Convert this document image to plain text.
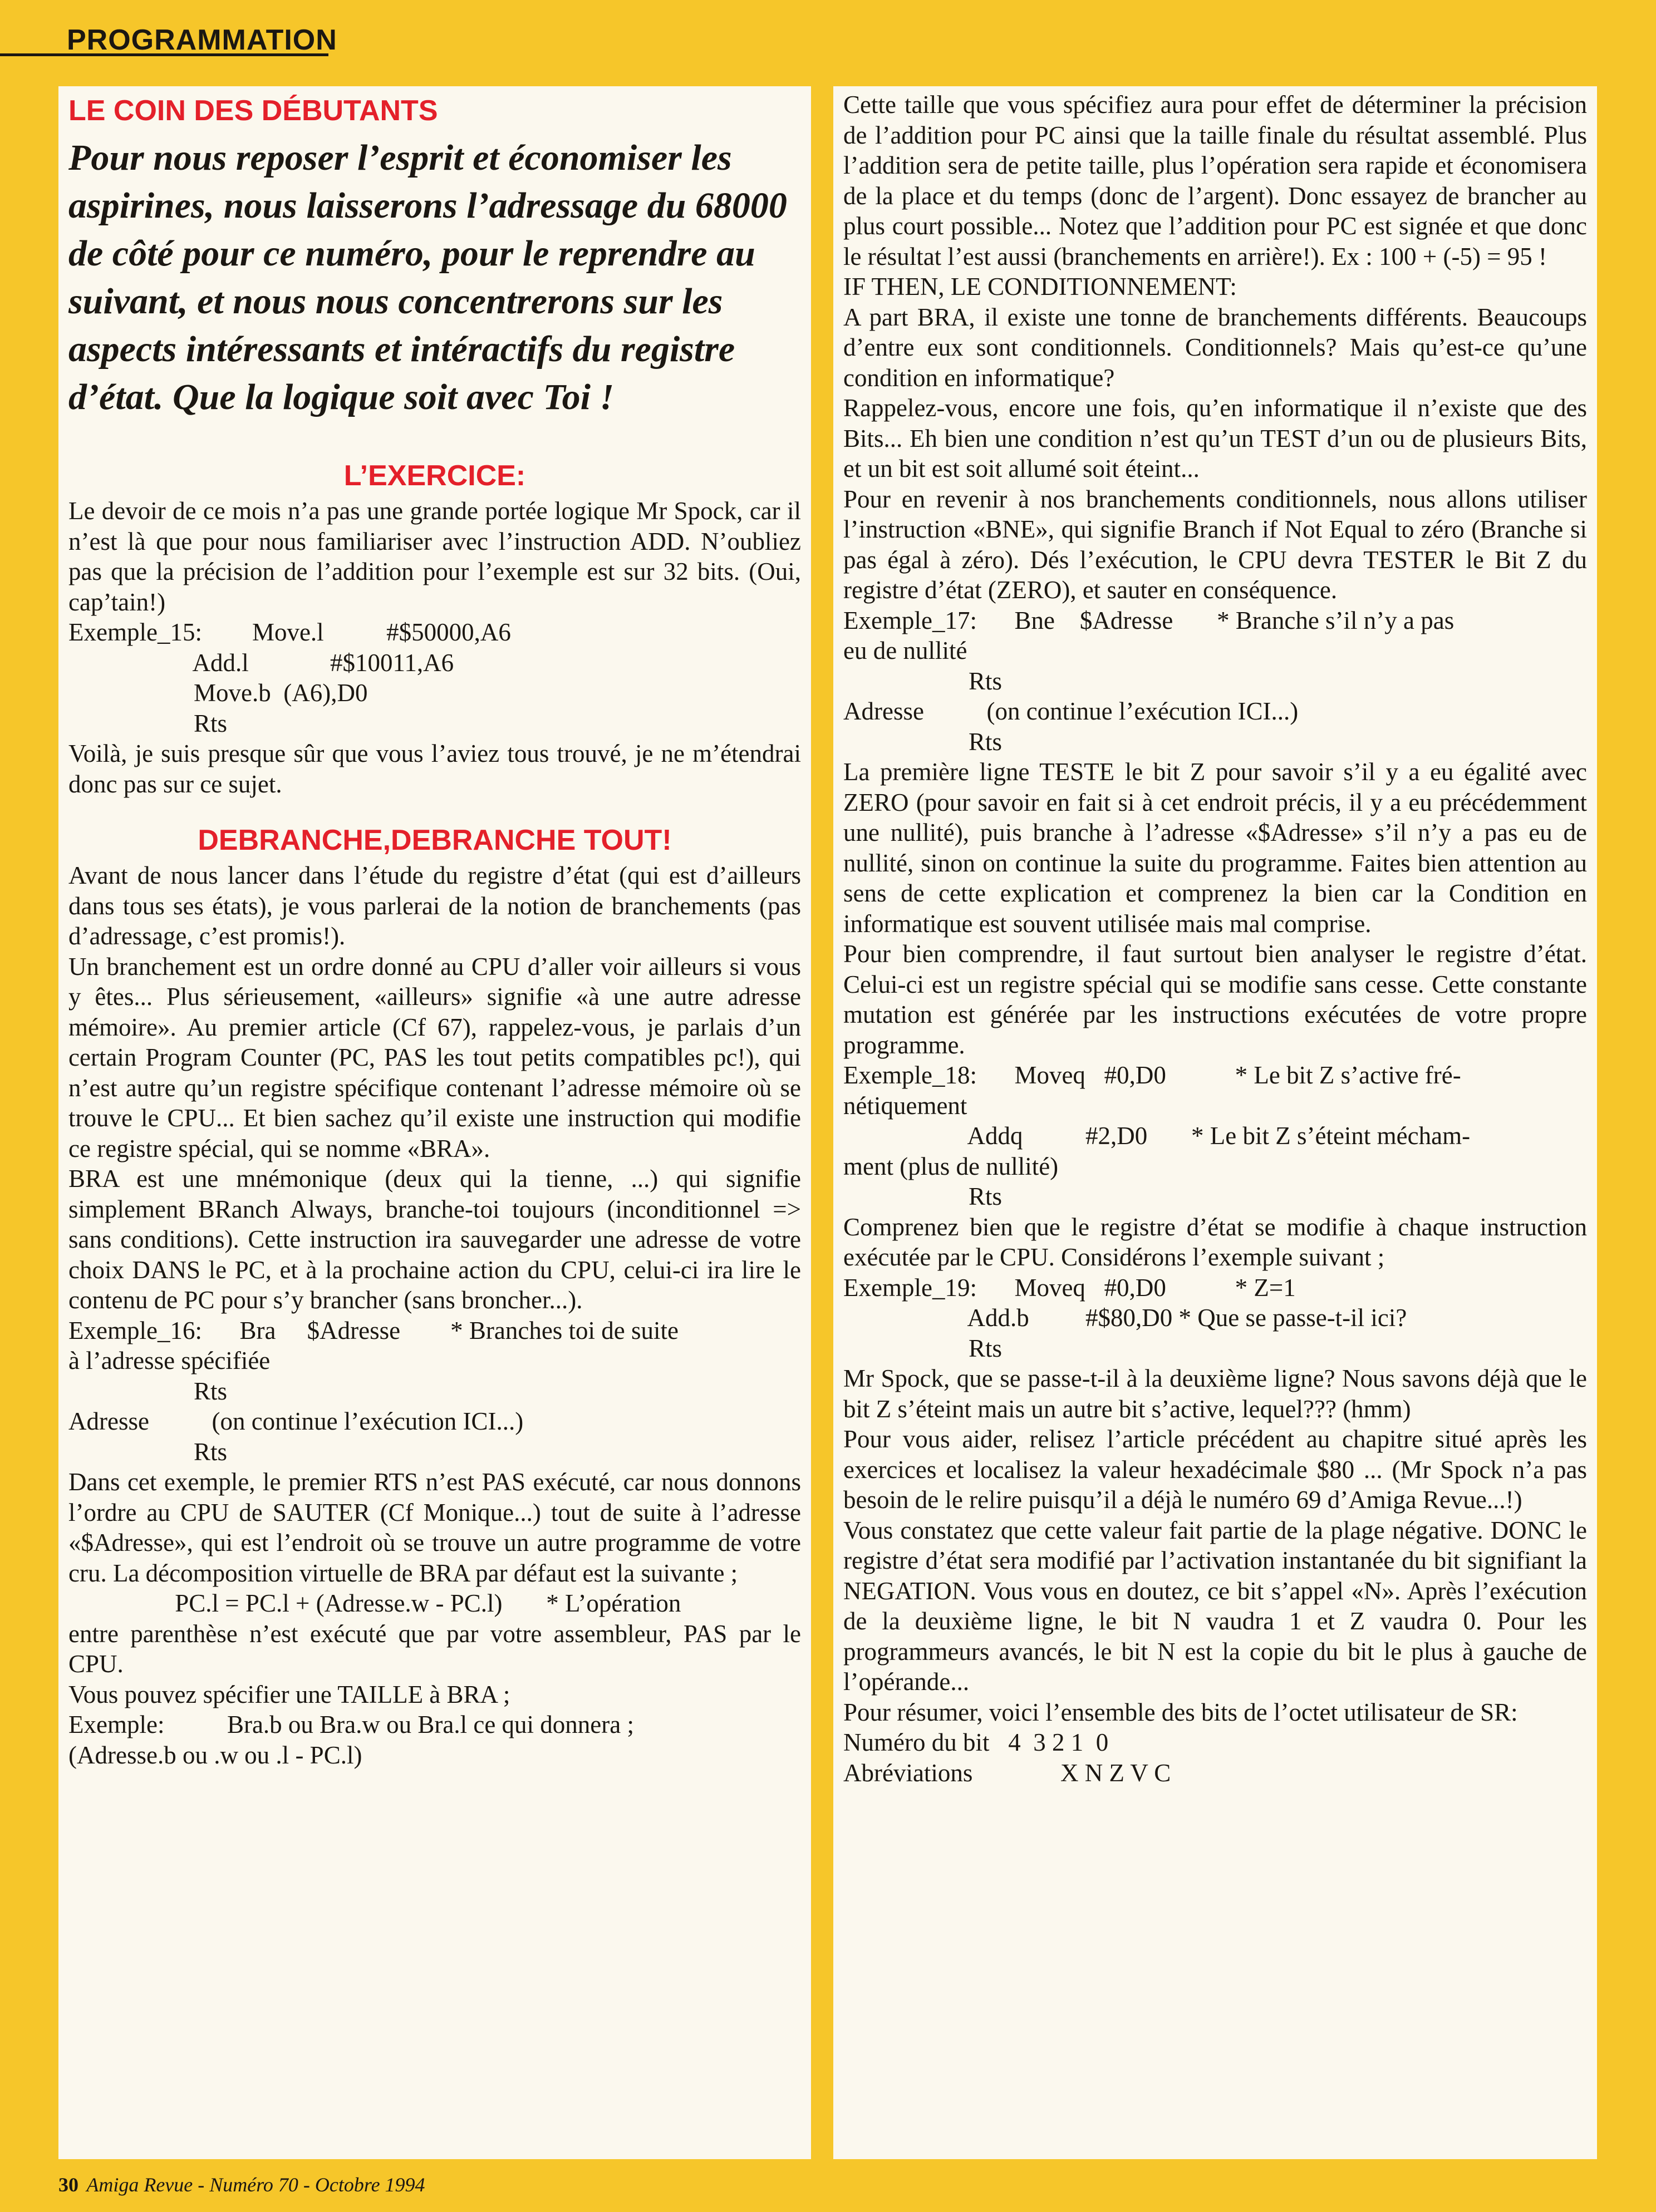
PROGRAMMATION
LE COIN DES DÉBUTANTS

Pour nous reposer l’esprit et économiser les aspirines, nous laisserons l’adressage du 68000 de côté pour ce numéro, pour le reprendre au suivant, et nous nous concentrerons sur les aspects intéressants et intéractifs du registre d’état. Que la logique soit avec Toi !

L’EXERCICE:

Le devoir de ce mois n’a pas une grande portée logique Mr Spock, car il n’est là que pour nous familiariser avec l’instruction ADD. N’oubliez pas que la précision de l’addition pour l’exemple est sur 32 bits. (Oui, cap’tain!)

Exemple_15:        Move.l          #$50000,A6
Add.l             #$10011,A6
Move.b  (A6),D0
Rts

Voilà, je suis presque sûr que vous l’aviez tous trouvé, je ne m’étendrai donc pas sur ce sujet.

DEBRANCHE,DEBRANCHE TOUT!

Avant de nous lancer dans l’étude du registre d’état (qui est d’ailleurs dans tous ses états), je vous parlerai de la notion de branchements (pas d’adressage, c’est promis!).

Un branchement est un ordre donné au CPU d’aller voir ailleurs si vous y êtes... Plus sérieusement, «ailleurs» signifie «à une autre adresse mémoire». Au premier article (Cf 67), rappelez-vous, je parlais d’un certain Program Counter (PC, PAS les tout petits compatibles pc!), qui n’est autre qu’un registre spécifique contenant l’adresse mémoire où se trouve le CPU... Et bien sachez qu’il existe une instruction qui modifie ce registre spécial, qui se nomme «BRA».

BRA est une mnémonique (deux qui la tienne, ...) qui signifie simplement BRanch Always, branche-toi toujours (inconditionnel => sans conditions). Cette instruction ira sauvegarder une adresse de votre choix DANS le PC, et à la prochaine action du CPU, celui-ci ira lire le contenu de PC pour s’y brancher (sans broncher...).

Exemple_16:      Bra     $Adresse        * Branches toi de suite
à l’adresse spécifiée
Rts
Adresse          (on continue l’exécution ICI...)
Rts

Dans cet exemple, le premier RTS n’est PAS exécuté, car nous donnons l’ordre au CPU de SAUTER (Cf Monique...) tout de suite à l’adresse «$Adresse», qui est l’endroit où se trouve un autre programme de votre cru. La décomposition virtuelle de BRA par défaut est la suivante ;

PC.l = PC.l + (Adresse.w - PC.l)       * L’opération

entre parenthèse n’est exécuté que par votre assembleur, PAS par le CPU.

Vous pouvez spécifier une TAILLE à BRA ;

Exemple:          Bra.b ou Bra.w ou Bra.l ce qui donnera ;
(Adresse.b ou .w ou .l - PC.l)

Cette taille que vous spécifiez aura pour effet de déterminer la précision de l’addition pour PC ainsi que la taille finale du résultat assemblé. Plus l’addition sera de petite taille, plus l’opération sera rapide et économisera de la place et du temps (donc de l’argent). Donc essayez de brancher au plus court possible... Notez que l’addition pour PC est signée et que donc le résultat l’est aussi (branchements en arrière!). Ex : 100 + (-5) = 95 !

IF THEN, LE CONDITIONNEMENT:

A part BRA, il existe une tonne de branchements différents. Beaucoups d’entre eux sont conditionnels. Conditionnels? Mais qu’est-ce qu’une condition en informatique?

Rappelez-vous, encore une fois, qu’en informatique il n’existe que des Bits... Eh bien une condition n’est qu’un TEST d’un ou de plusieurs Bits, et un bit est soit allumé soit éteint...

Pour en revenir à nos branchements conditionnels, nous allons utiliser l’instruction «BNE», qui signifie Branch if Not Equal to zéro (Branche si pas égal à zéro). Dés l’exécution, le CPU devra TESTER le Bit Z du registre d’état (ZERO), et sauter en conséquence.

Exemple_17:      Bne    $Adresse       * Branche s’il n’y a pas
eu de nullité
Rts
Adresse          (on continue l’exécution ICI...)
Rts

La première ligne TESTE le bit Z pour savoir s’il y a eu égalité avec ZERO (pour savoir en fait si à cet endroit précis, il y a eu précédemment une nullité), puis branche à l’adresse «$Adresse» s’il n’y a pas eu de nullité, sinon on continue la suite du programme. Faites bien attention au sens de cette explication et comprenez la bien car la Condition en informatique est souvent utilisée mais mal comprise.

Pour bien comprendre, il faut surtout bien analyser le registre d’état. Celui-ci est un registre spécial qui se modifie sans cesse. Cette constante mutation est générée par les instructions exécutées de votre propre programme.

Exemple_18:      Moveq   #0,D0           * Le bit Z s’active fré-
nétiquement
Addq          #2,D0       * Le bit Z s’éteint mécham-
ment (plus de nullité)
Rts

Comprenez bien que le registre d’état se modifie à chaque instruction exécutée par le CPU. Considérons l’exemple suivant ;

Exemple_19:      Moveq   #0,D0           * Z=1
Add.b         #$80,D0 * Que se passe-t-il ici?
Rts

Mr Spock, que se passe-t-il à la deuxième ligne? Nous savons déjà que le bit Z s’éteint mais un autre bit s’active, lequel??? (hmm)

Pour vous aider, relisez l’article précédent au chapitre situé après les exercices et localisez la valeur hexadécimale $80 ... (Mr Spock n’a pas besoin de le relire puisqu’il a déjà le numéro 69 d’Amiga Revue...!)

Vous constatez que cette valeur fait partie de la plage négative. DONC le registre d’état sera modifié par l’activation instantanée du bit signifiant la NEGATION. Vous vous en doutez, ce bit s’appel «N». Après l’exécution de la deuxième ligne, le bit N vaudra 1 et Z vaudra 0. Pour les programmeurs avancés, le bit N est la copie du bit le plus à gauche de l’opérande...

Pour résumer, voici l’ensemble des bits de l’octet utilisateur de SR:

Numéro du bit   4  3 2 1  0
Abréviations              X N Z V C
30 Amiga Revue - Numéro 70 - Octobre 1994
